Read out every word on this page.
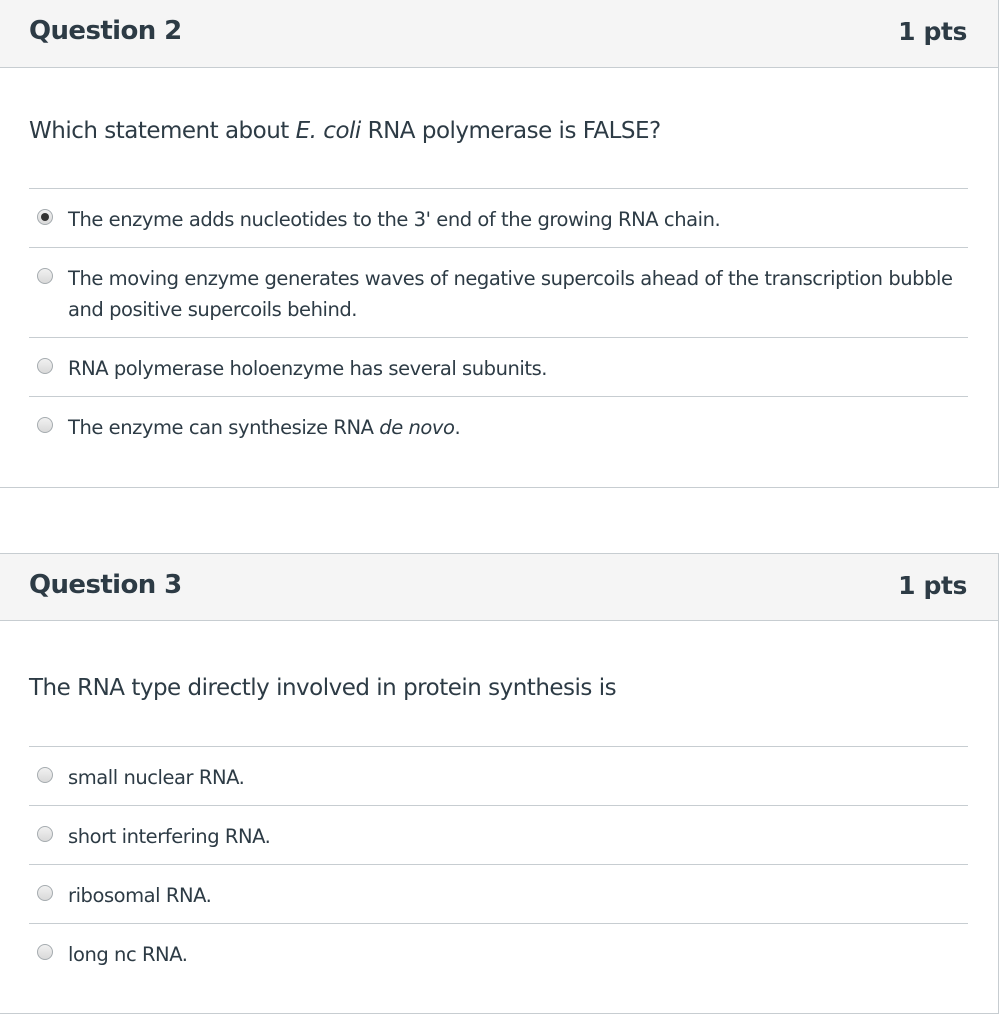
Question 2	1 pts
Which statement about E. coli RNA polymerase is FALSE?
The enzyme adds nucleotides to the 3' end of the growing RNA chain.
The moving enzyme generates waves of negative supercoils ahead of the transcription bubble and positive supercoils behind.
RNA polymerase holoenzyme has several subunits.
The enzyme can synthesize RNA de novo.
Question 3	1 pts
The RNA type directly involved in protein synthesis is
small nuclear RNA.
short interfering RNA.
ribosomal RNA.
long nc RNA.
